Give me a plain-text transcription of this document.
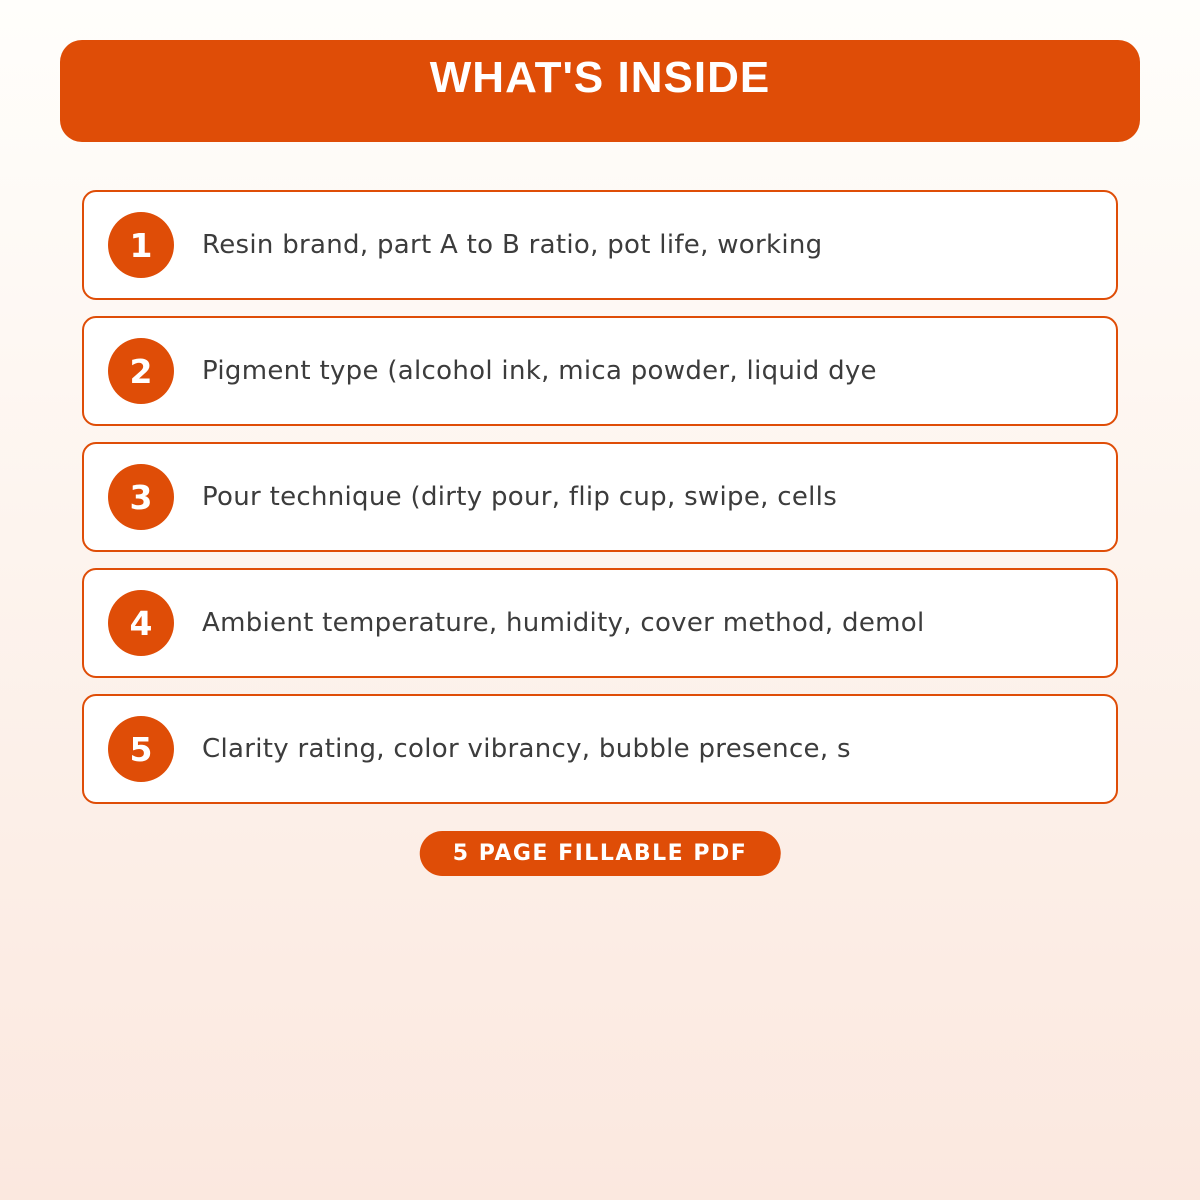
WHAT'S INSIDE
1	Resin brand, part A to B ratio, pot life, working
2	Pigment type (alcohol ink, mica powder, liquid dye
3	Pour technique (dirty pour, flip cup, swipe, cells
4	Ambient temperature, humidity, cover method, demol
5	Clarity rating, color vibrancy, bubble presence, s
5 PAGE FILLABLE PDF
